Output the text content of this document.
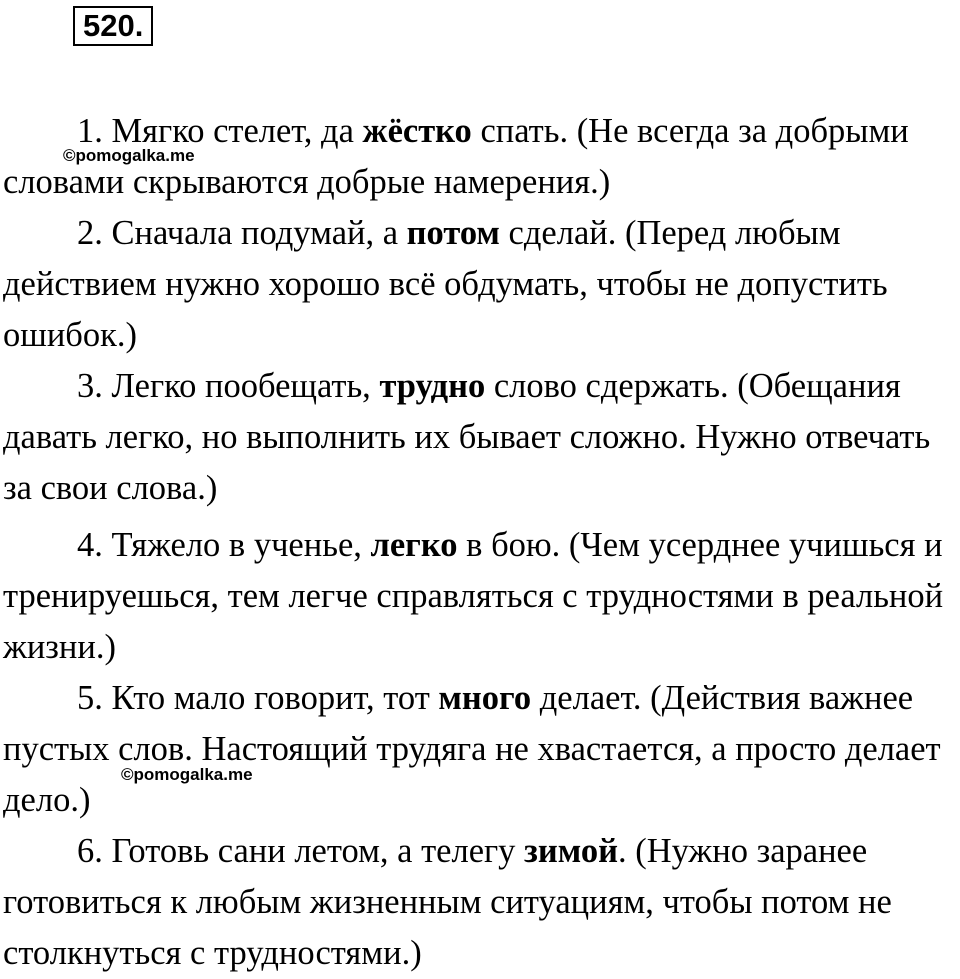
520.

1. Мягко стелет, да жёстко спать. (Не всегда за добрыми словами скрываются добрые намерения.)

2. Сначала подумай, а потом сделай. (Перед любым действием нужно хорошо всё обдумать, чтобы не допустить ошибок.)

3. Легко пообещать, трудно слово сдержать. (Обещания давать легко, но выполнить их бывает сложно. Нужно отвечать за свои слова.)

4. Тяжело в ученье, легко в бою. (Чем усерднее учишься и тренируешься, тем легче справляться с трудностями в реальной жизни.)

5. Кто мало говорит, тот много делает. (Действия важнее пустых слов. Настоящий трудяга не хвастается, а просто делает дело.)

6. Готовь сани летом, а телегу зимой. (Нужно заранее готовиться к любым жизненным ситуациям, чтобы потом не столкнуться с трудностями.)

©pomogalka.me
©pomogalka.me
